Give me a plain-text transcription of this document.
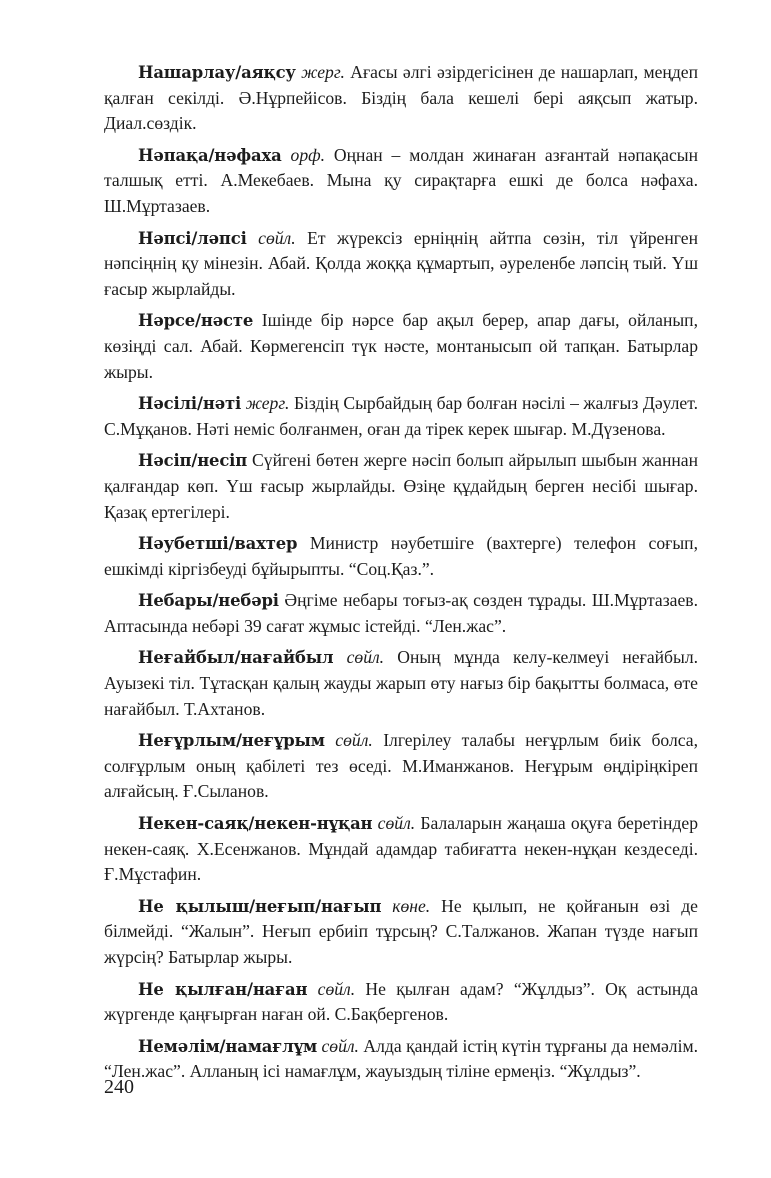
Нашарлау/аяқсу жерг. Ағасы әлгі әзірдегісінен де нашарлап, меңдеп қалған секілді. Ә.Нұрпейісов. Біздің бала кешелі бері аяқсып жатыр. Диал.сөздік.

Нәпақа/нәфаха орф. Оңнан – молдан жинаған азғантай нәпақасын талшық етті. А.Мекебаев. Мына қу сирақтарға ешкі де болса нәфаха. Ш.Мұртазаев.

Нәпсі/ләпсі сөйл. Ет жүрексіз ерніңнің айтпа сөзін, тіл үйренген нәпсіңнің қу мінезін. Абай. Қолда жоққа құмартып, әуреленбе ләпсің тый. Үш ғасыр жырлайды.

Нәрсе/нәсте Ішінде бір нәрсе бар ақыл берер, апар дағы, ойланып, көзіңді сал. Абай. Көрмегенсіп түк нәсте, монтанысып ой тапқан. Батырлар жыры.

Нәсілі/нәті жерг. Біздің Сырбайдың бар болған нәсілі – жалғыз Дәулет. С.Мұқанов. Нәті неміс болғанмен, оған да тірек керек шығар. М.Дүзенова.

Нәсіп/несіп Сүйгені бөтен жерге нәсіп болып айрылып шыбын жаннан қалғандар көп. Үш ғасыр жырлайды. Өзіңе құдайдың берген несібі шығар. Қазақ ертегілері.

Нәубетші/вахтер Министр нәубетшіге (вахтерге) телефон соғып, ешкімді кіргізбеуді бұйырыпты. “Соц.Қаз.”.

Небары/небәрі Әңгіме небары тоғыз-ақ сөзден тұрады. Ш.Мұртазаев. Аптасында небәрі 39 сағат жұмыс істейді. “Лен.жас”.

Неғайбыл/нағайбыл сөйл. Оның мұнда келу-келмеуі неғайбыл. Ауызекі тіл. Тұтасқан қалың жауды жарып өту нағыз бір бақытты болмаса, өте нағайбыл. Т.Ахтанов.

Неғұрлым/неғұрым сөйл. Ілгерілеу талабы неғұрлым биік болса, солғұрлым оның қабілеті тез өседі. М.Иманжанов. Неғұрым өңдіріңкіреп алғайсың. Ғ.Сыланов.

Некен-саяқ/некен-нұқан сөйл. Балаларын жаңаша оқуға беретіндер некен-саяқ. Х.Есенжанов. Мұндай адамдар табиғатта некен-нұқан кездеседі. Ғ.Мұстафин.

Не қылыш/неғып/нағып көне. Не қылып, не қойғанын өзі де білмейді. “Жалын”. Неғып ербиіп тұрсың? С.Талжанов. Жапан түзде нағып жүрсің? Батырлар жыры.

Не қылған/наған сөйл. Не қылған адам? “Жұлдыз”. Оқ астында жүргенде қаңғырған наған ой. С.Бақбергенов.

Немәлім/намағлұм сөйл. Алда қандай істің күтін тұрғаны да немәлім. “Лен.жас”. Алланың ісі намағлұм, жауыздың тіліне ермеңіз. “Жұлдыз”.

240
